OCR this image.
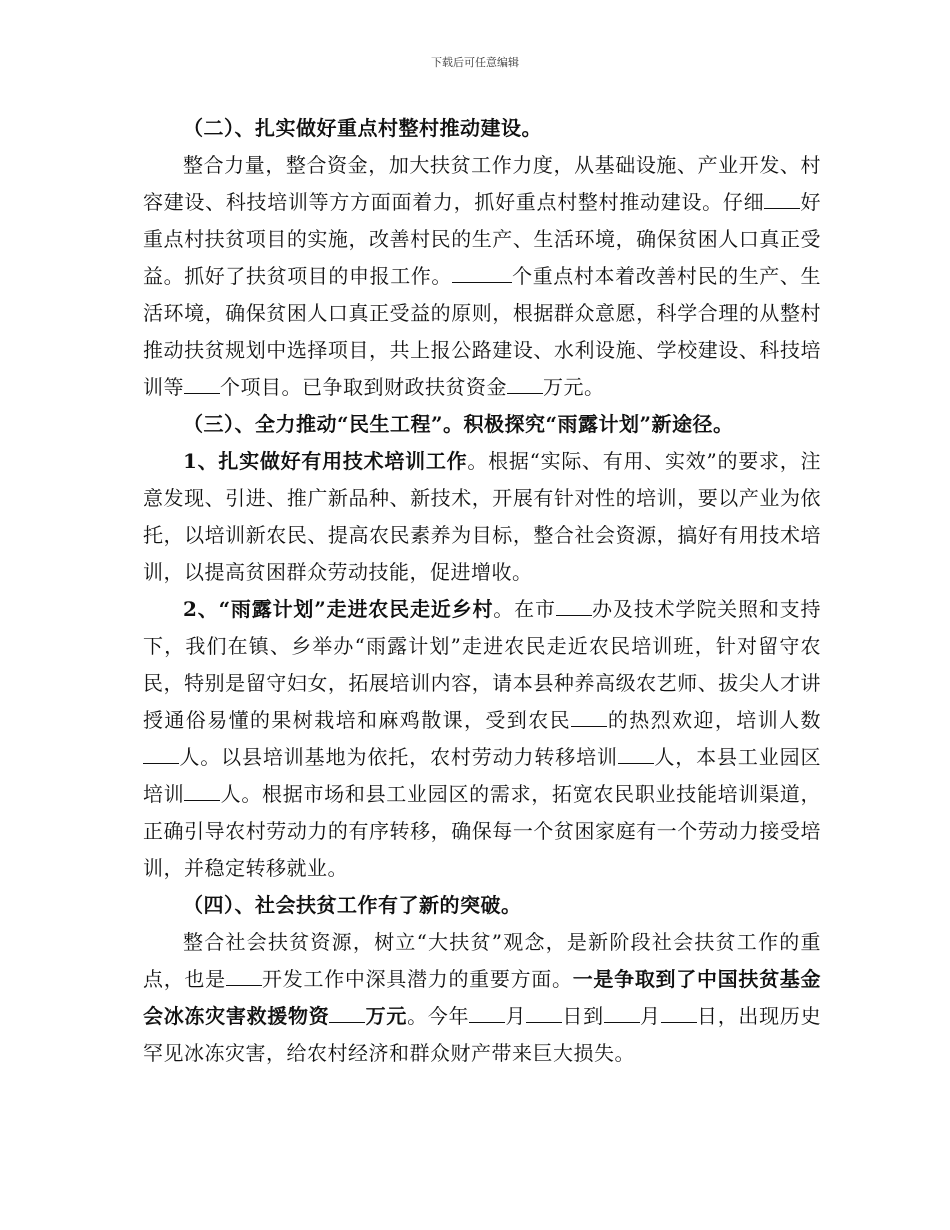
下载后可任意编辑

（二）、扎实做好重点村整村推动建设。

整合力量，整合资金，加大扶贫工作力度，从基础设施、产业开发、村容建设、科技培训等方方面面着力，抓好重点村整村推动建设。仔细 好重点村扶贫项目的实施，改善村民的生产、生活环境，确保贫困人口真正受益。抓好了扶贫项目的申报工作。	个重点村本着改善村民的生产、生活环境，确保贫困人口真正受益的原则，根据群众意愿，科学合理的从整村推动扶贫规划中选择项目，共上报公路建设、水利设施、学校建设、科技培训等 个项目。已争取到财政扶贫资金 万元。

（三）、全力推动“民生工程”。积极探究“雨露计划”新途径。

1、扎实做好有用技术培训工作。根据“实际、有用、实效”的要求，注意发现、引进、推广新品种、新技术，开展有针对性的培训，要以产业为依托，以培训新农民、提高农民素养为目标，整合社会资源，搞好有用技术培训，以提高贫困群众劳动技能，促进增收。

2、“雨露计划”走进农民走近乡村。在市 办及技术学院关照和支持下，我们在镇、乡举办“雨露计划”走进农民走近农民培训班，针对留守农民，特别是留守妇女，拓展培训内容，请本县种养高级农艺师、拔尖人才讲授通俗易懂的果树栽培和麻鸡散课，受到农民 的热烈欢迎，培训人数人。以县培训基地为依托，农村劳动力转移培训 人，本县工业园区培训 人。根据市场和县工业园区的需求，拓宽农民职业技能培训渠道，正确引导农村劳动力的有序转移，确保每一个贫困家庭有一个劳动力接受培训，并稳定转移就业。

（四）、社会扶贫工作有了新的突破。

整合社会扶贫资源，树立“大扶贫”观念，是新阶段社会扶贫工作的重点，也是 开发工作中深具潜力的重要方面。一是争取到了中国扶贫基金会冰冻灾害救援物资 万元。今年 月 日到 月 日，出现历史罕见冰冻灾害，给农村经济和群众财产带来巨大损失。
